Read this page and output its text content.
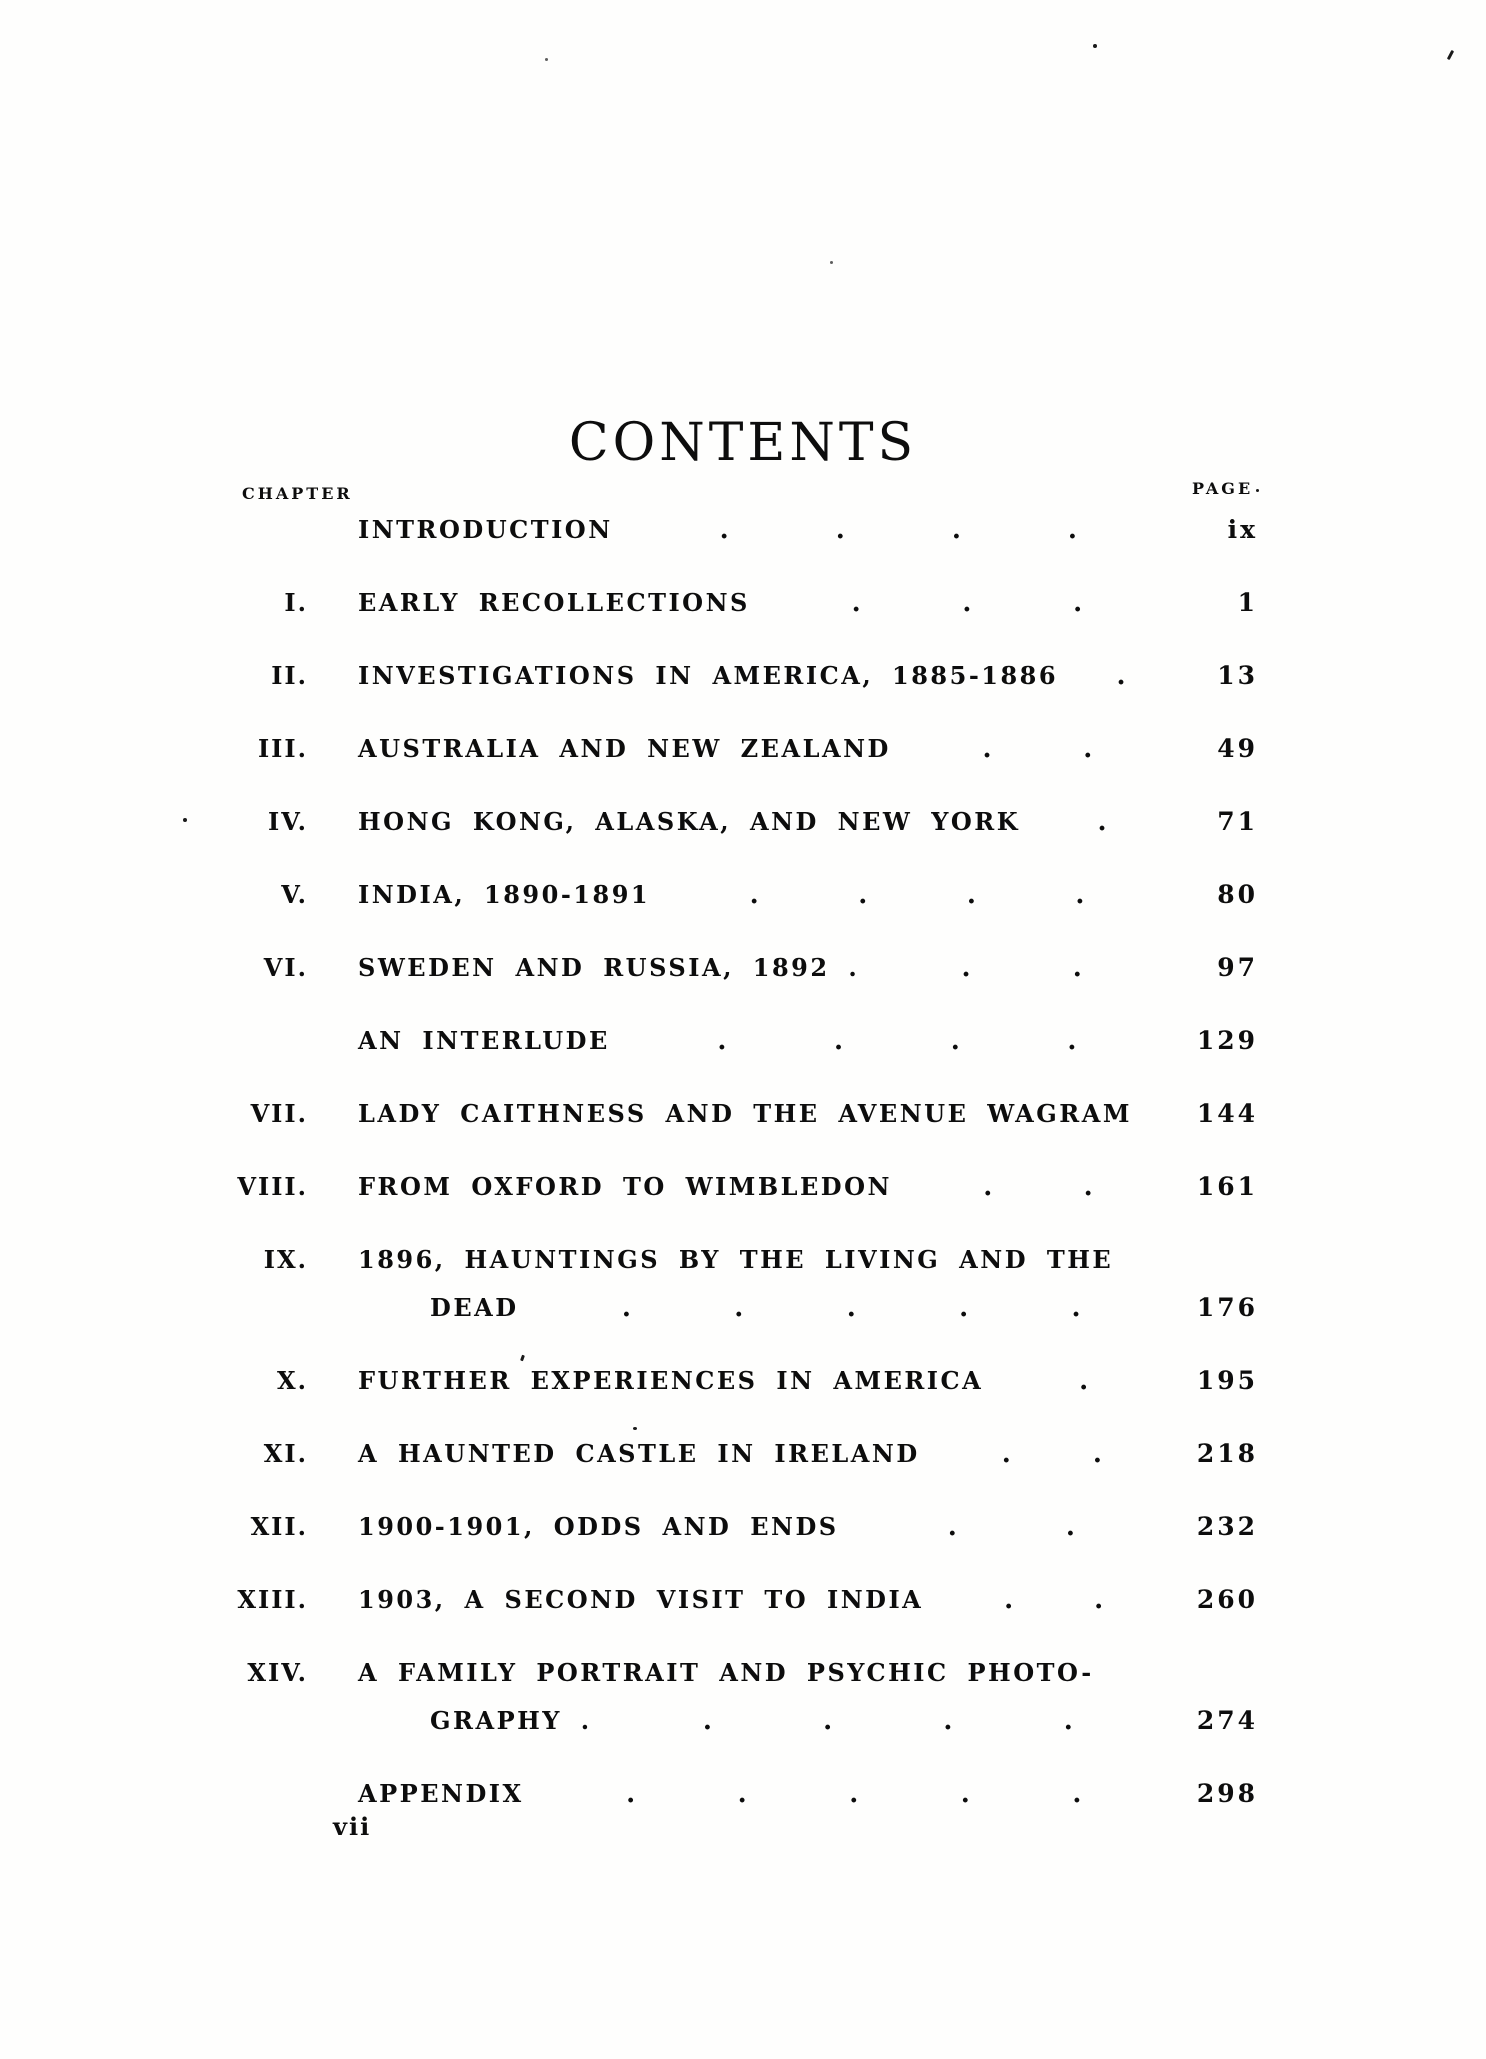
CONTENTS
CHAPTER	PAGE
INTRODUCTION	.	.	.	.	ix
I. EARLY RECOLLECTIONS	.	.	.	1
II. INVESTIGATIONS IN AMERICA, 1885-1886 .	13
III. AUSTRALIA AND NEW ZEALAND	.	.	49
IV. HONG KONG, ALASKA, AND NEW YORK	.	71
V. INDIA, 1890-1891	.	.	.	.	80
VI. SWEDEN AND RUSSIA, 1892 .	.	.	97
AN INTERLUDE	.	.	.	.	129
VII. LADY CAITHNESS AND THE AVENUE WAGRAM	144
VIII. FROM OXFORD TO WIMBLEDON	.	.	161
IX. 1896, HAUNTINGS BY THE LIVING AND THE
DEAD	.	.	.	.	.	176
X. FURTHER EXPERIENCES IN AMERICA	.	195
XI. A HAUNTED CASTLE IN IRELAND	.	.	218
XII. 1900-1901, ODDS AND ENDS	.	.	232
XIII. 1903, A SECOND VISIT TO INDIA	.	.	260
XIV. A FAMILY PORTRAIT AND PSYCHIC PHOTO-
GRAPHY .	.	.	.	.	274
APPENDIX	.	.	.	.	.	298
vii
